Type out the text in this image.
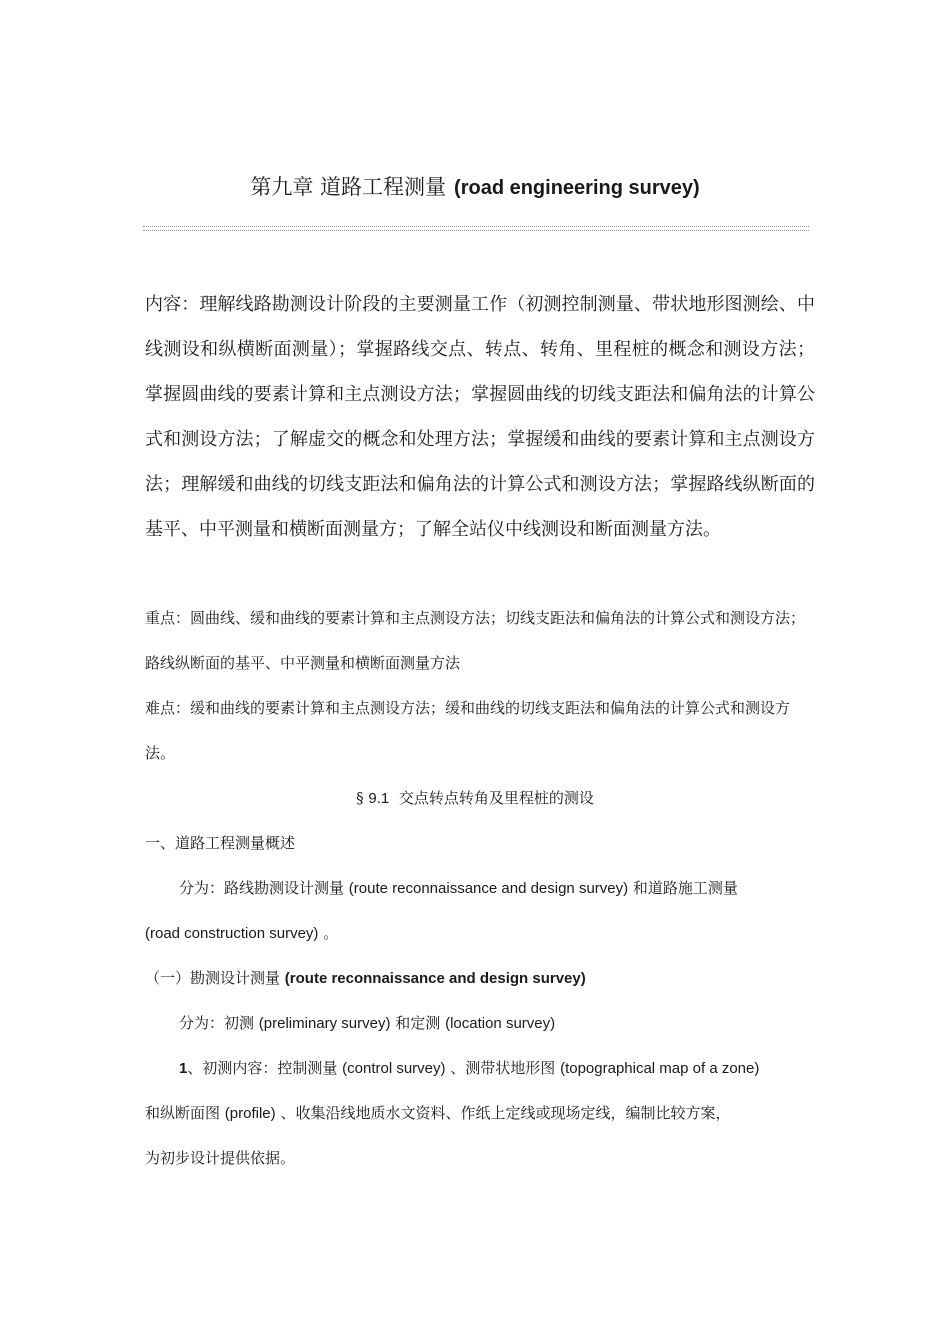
第九章 道路工程测量 (road engineering survey)

内容：理解线路勘测设计阶段的主要测量工作（初测控制测量、带状地形图测绘、中线测设和纵横断面测量）；掌握路线交点、转点、转角、里程桩的概念和测设方法；掌握圆曲线的要素计算和主点测设方法；掌握圆曲线的切线支距法和偏角法的计算公式和测设方法；了解虚交的概念和处理方法；掌握缓和曲线的要素计算和主点测设方法；理解缓和曲线的切线支距法和偏角法的计算公式和测设方法；掌握路线纵断面的基平、中平测量和横断面测量方；了解全站仪中线测设和断面测量方法。

重点：圆曲线、缓和曲线的要素计算和主点测设方法；切线支距法和偏角法的计算公式和测设方法；路线纵断面的基平、中平测量和横断面测量方法

难点：缓和曲线的要素计算和主点测设方法；缓和曲线的切线支距法和偏角法的计算公式和测设方法。

§ 9.1 交点转点转角及里程桩的测设

一、道路工程测量概述

分为：路线勘测设计测量 (route reconnaissance and design survey) 和道路施工测量

(road construction survey) 。

（一）勘测设计测量 (route reconnaissance and design survey)

分为：初测 (preliminary survey) 和定测 (location survey)

1、初测内容：控制测量 (control survey) 、测带状地形图 (topographical map of a zone)

和纵断面图 (profile) 、收集沿线地质水文资料、作纸上定线或现场定线，编制比较方案，

为初步设计提供依据。
